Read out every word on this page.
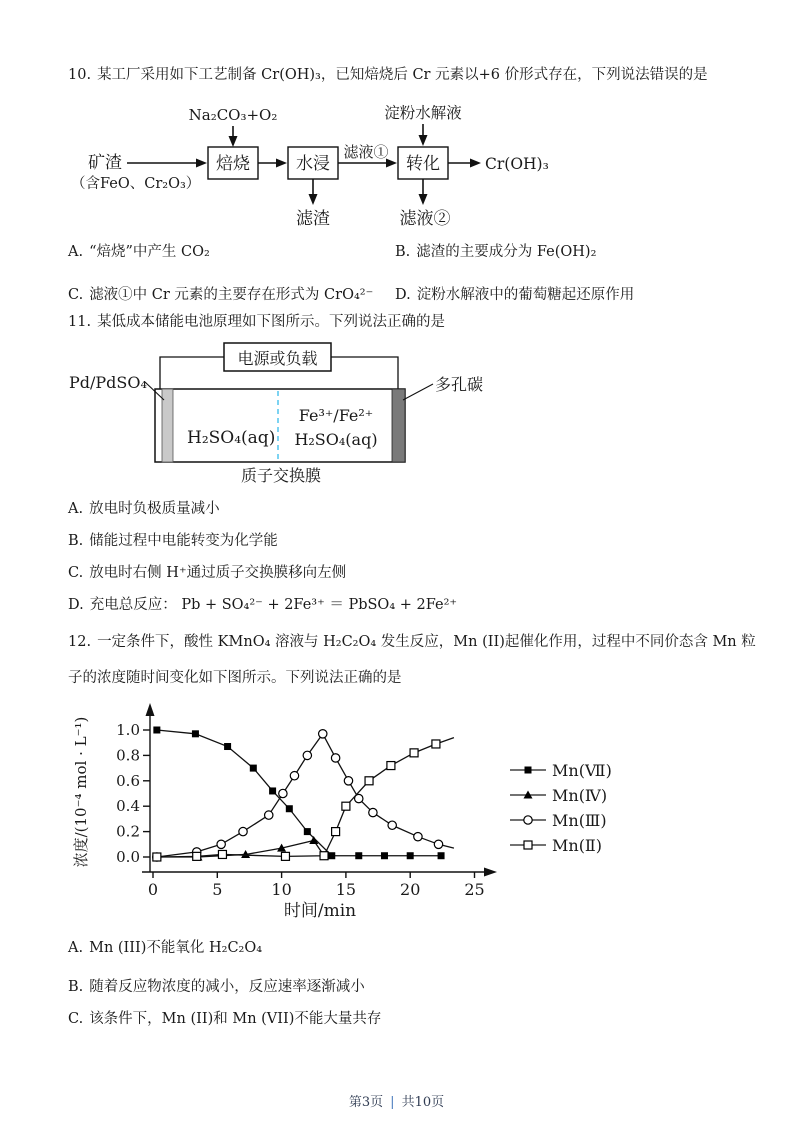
10. 某工厂采用如下工艺制备 Cr(OH)₃，已知焙烧后 Cr 元素以+6 价形式存在，下列说法错误的是
矿渣
（含FeO、Cr₂O₃）
Na₂CO₃+O₂	淀粉水解液
焙烧	水浸	转化
滤液①
Cr(OH)₃
滤渣	滤液②
A. “焙烧”中产生 CO₂	B. 滤渣的主要成分为 Fe(OH)₂
C. 滤液①中 Cr 元素的主要存在形式为 CrO₄²⁻ D. 淀粉水解液中的葡萄糖起还原作用
11. 某低成本储能电池原理如下图所示。下列说法正确的是
电源或负载
H₂SO₄(aq)
Fe³⁺/Fe²⁺
H₂SO₄(aq)
Pd/PdSO₄	多孔碳
质子交换膜
A. 放电时负极质量减小
B. 储能过程中电能转变为化学能
C. 放电时右侧 H⁺通过质子交换膜移向左侧
D. 充电总反应： Pb + SO₄²⁻ + 2Fe³⁺ ＝ PbSO₄ + 2Fe²⁺
12. 一定条件下，酸性 KMnO₄ 溶液与 H₂C₂O₄ 发生反应，Mn (II)起催化作用，过程中不同价态含 Mn 粒
子的浓度随时间变化如下图所示。下列说法正确的是
0	5	10	15	20	25
0.0
0.2
0.4
0.6
0.8
1.0
时间/min
浓度/(10⁻⁴ mol · L⁻¹)	Mn(Ⅶ)
Mn(Ⅳ)
Mn(Ⅲ)
Mn(Ⅱ)
A. Mn (III)不能氧化 H₂C₂O₄
B. 随着反应物浓度的减小，反应速率逐渐减小
C. 该条件下，Mn (II)和 Mn (VII)不能大量共存
第3页 | 共10页
